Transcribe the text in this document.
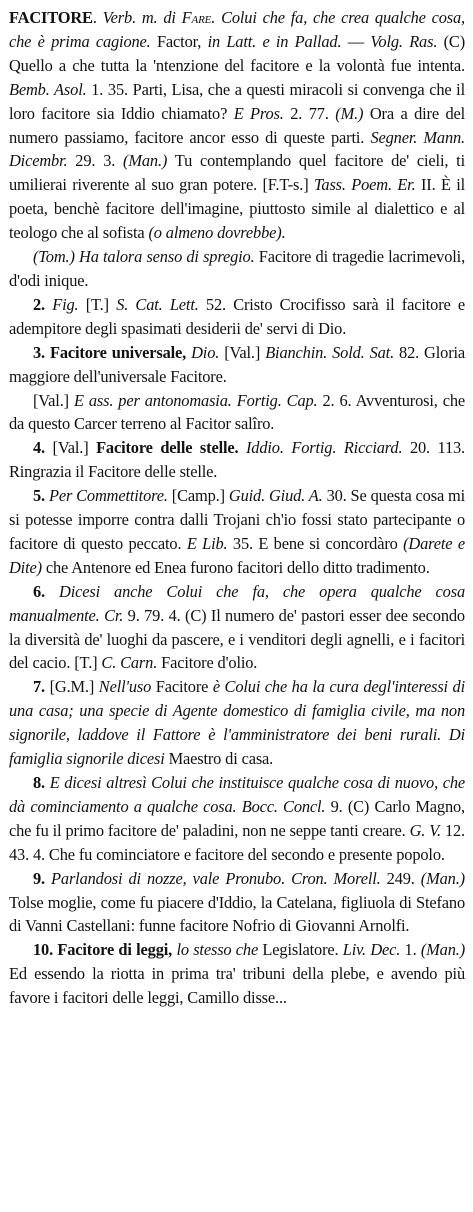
FACITORE. Verb. m. di Fare. Colui che fa, che crea qualche cosa, che è prima cagione. Factor, in Latt. e in Pallad. — Volg. Ras. (C) Quello a che tutta la 'ntenzione del facitore e la volontà fue intenta. Bemb. Asol. 1. 35. Parti, Lisa, che a questi miracoli si convenga che il loro facitore sia Iddio chiamato? E Pros. 2. 77. (M.) Ora a dire del numero passiamo, facitore ancor esso di queste parti. Segner. Mann. Dicembr. 29. 3. (Man.) Tu contemplando quel facitore de' cieli, ti umilierai riverente al suo gran potere. [F.T-s.] Tass. Poem. Er. II. È il poeta, benchè facitore dell'imagine, piuttosto simile al dialettico e al teologo che al sofista (o almeno dovrebbe).

(Tom.) Ha talora senso di spregio. Facitore di tragedie lacrimevoli, d'odi inique.

2. Fig. [T.] S. Cat. Lett. 52. Cristo Crocifisso sarà il facitore e adempitore degli spasimati desiderii de' servi di Dio.

3. Facitore universale, Dio. [Val.] Bianchin. Sold. Sat. 82. Gloria maggiore dell'universale Facitore.

[Val.] E ass. per antonomasia. Fortig. Cap. 2. 6. Avventurosi, che da questo Carcer terreno al Facitor salîro.

4. [Val.] Facitore delle stelle. Iddio. Fortig. Ricciard. 20. 113. Ringrazia il Facitore delle stelle.

5. Per Commettitore. [Camp.] Guid. Giud. A. 30. Se questa cosa mi si potesse imporre contra dalli Trojani ch'io fossi stato partecipante o facitore di questo peccato. E Lib. 35. E bene si concordàro (Darete e Dite) che Antenore ed Enea furono facitori dello ditto tradimento.

6. Dicesi anche Colui che fa, che opera qualche cosa manualmente. Cr. 9. 79. 4. (C) Il numero de' pastori esser dee secondo la diversità de' luoghi da pascere, e i venditori degli agnelli, e i facitori del cacio. [T.] C. Carn. Facitore d'olio.

7. [G.M.] Nell'uso Facitore è Colui che ha la cura degl'interessi di una casa; una specie di Agente domestico di famiglia civile, ma non signorile, laddove il Fattore è l'amministratore dei beni rurali. Di famiglia signorile dicesi Maestro di casa.

8. E dicesi altresì Colui che instituisce qualche cosa di nuovo, che dà cominciamento a qualche cosa. Bocc. Concl. 9. (C) Carlo Magno, che fu il primo facitore de' paladini, non ne seppe tanti creare. G. V. 12. 43. 4. Che fu cominciatore e facitore del secondo e presente popolo.

9. Parlandosi di nozze, vale Pronubo. Cron. Morell. 249. (Man.) Tolse moglie, come fu piacere d'Iddio, la Catelana, figliuola di Stefano di Vanni Castellani: funne facitore Nofrio di Giovanni Arnolfi.

10. Facitore di leggi, lo stesso che Legislatore. Liv. Dec. 1. (Man.) Ed essendo la riotta in prima tra' tribuni della plebe, e avendo più favore i facitori delle leggi, Camillo disse...
